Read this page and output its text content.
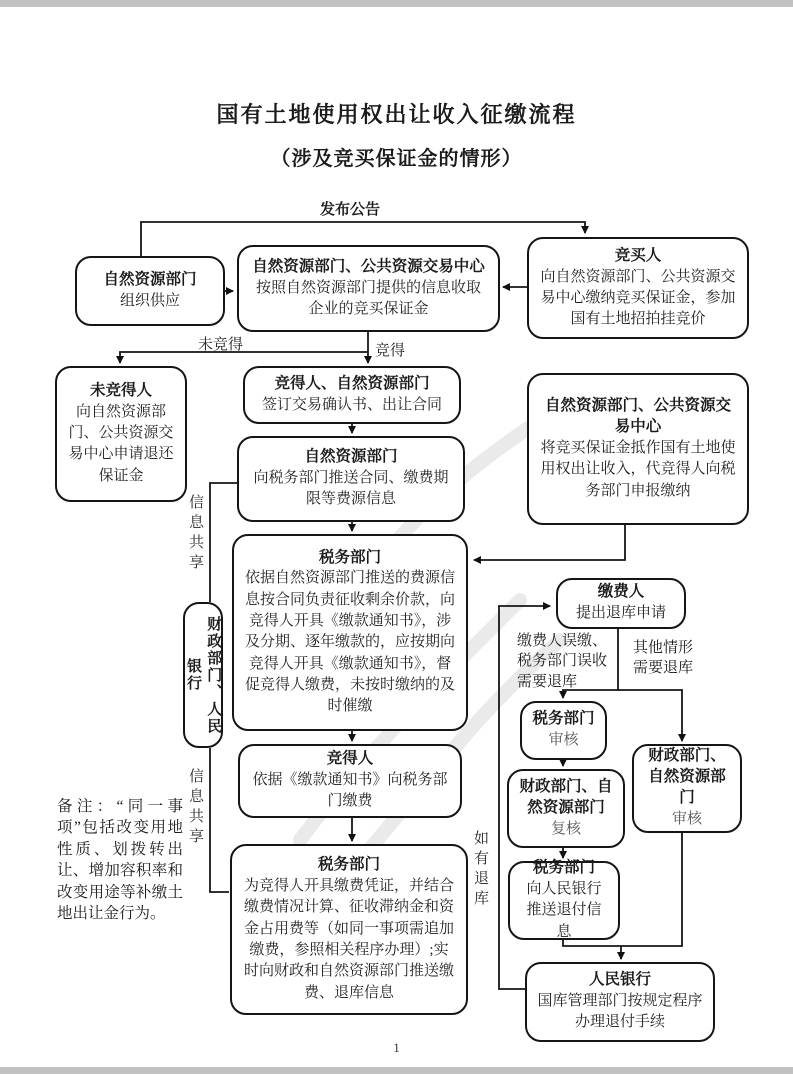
国有土地使用权出让收入征缴流程
（涉及竞买保证金的情形）
发布公告
未竞得	竞得
信息共享
信息共享
如有退库
缴费人误缴、税务部门误收需要退库
其他情形需要退库
自然资源部门
组织供应
自然资源部门、公共资源交易中心
按照自然资源部门提供的信息收取企业的竞买保证金
竞买人
向自然资源部门、公共资源交易中心缴纳竞买保证金，参加国有土地招拍挂竞价
未竞得人
向自然资源部门、公共资源交易中心申请退还保证金
竞得人、自然资源部门
签订交易确认书、出让合同
自然资源部门
向税务部门推送合同、缴费期限等费源信息
自然资源部门、公共资源交易中心
将竞买保证金抵作国有土地使用权出让收入，代竞得人向税务部门申报缴纳
税务部门
依据自然资源部门推送的费源信息按合同负责征收剩余价款，向竞得人开具《缴款通知书》，涉及分期、逐年缴款的，应按期向竞得人开具《缴款通知书》，督促竞得人缴费，未按时缴纳的及时催缴
竞得人
依据《缴款通知书》向税务部门缴费
税务部门
为竞得人开具缴费凭证，并结合缴费情况计算、征收滞纳金和资金占用费等（如同一事项需追加缴费，参照相关程序办理）;实时向财政和自然资源部门推送缴费、退库信息
财政部门、人民银行
缴费人
提出退库申请
税务部门
审核
财政部门、自然资源部门
复核
财政部门、自然资源部门
审核
税务部门
向人民银行推送退付信息
人民银行
国库管理部门按规定程序办理退付手续
备注：“同一事项”包括改变用地性质、划拨转出让、增加容积率和改变用途等补缴土地出让金行为。
1
